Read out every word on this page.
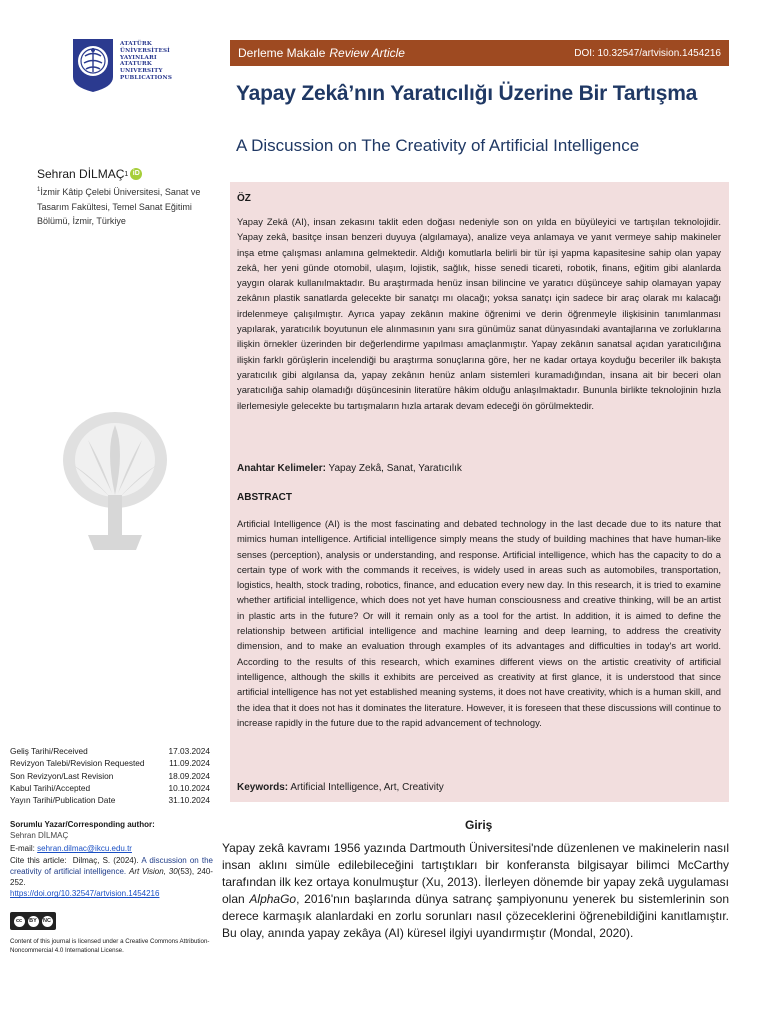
ATATÜRK
ÜNİVERSİTESİ
YAYINLARI
ATATURK
UNIVERSITY
PUBLICATIONS
Derleme Makale Review Article	DOI: 10.32547/artvision.1454216
Yapay Zekâ’nın Yaratıcılığı Üzerine Bir Tartışma
A Discussion on The Creativity of Artificial Intelligence
Sehran DİLMAÇ 1 iD
$^1$İzmir Kâtip Çelebi Üniversitesi, Sanat ve Tasarım Fakültesi, Temel Sanat Eğitimi Bölümü, İzmir, Türkiye
ÖZ
Yapay Zekâ (AI), insan zekasını taklit eden doğası nedeniyle son on yılda en büyüleyici ve tartışılan teknolojidir. Yapay zekâ, basitçe insan benzeri duyuya (algılamaya), analize veya anlamaya ve yanıt vermeye sahip makineler inşa etme çalışması anlamına gelmektedir. Aldığı komutlarla belirli bir tür işi yapma kapasitesine sahip olan yapay zekâ, her yeni günde otomobil, ulaşım, lojistik, sağlık, hisse senedi ticareti, robotik, finans, eğitim gibi alanlarda yaygın olarak kullanılmaktadır. Bu araştırmada henüz insan bilincine ve yaratıcı düşünceye sahip olamayan yapay zekânın plastik sanatlarda gelecekte bir sanatçı mı olacağı; yoksa sanatçı için sadece bir araç olarak mı kalacağı irdelenmeye çalışılmıştır. Ayrıca yapay zekânın makine öğrenimi ve derin öğrenmeyle ilişkisinin tanımlanması yapılarak, yaratıcılık boyutunun ele alınmasının yanı sıra günümüz sanat dünyasındaki avantajlarına ve zorluklarına ilişkin örnekler üzerinden bir değerlendirme yapılması amaçlanmıştır. Yapay zekânın sanatsal açıdan yaratıcılığına ilişkin farklı görüşlerin incelendiği bu araştırma sonuçlarına göre, her ne kadar ortaya koyduğu beceriler ilk bakışta yaratıcılık gibi algılansa da, yapay zekânın henüz anlam sistemleri kuramadığından, insana ait bir beceri olan yaratıcılığa sahip olamadığı düşüncesinin literatüre hâkim olduğu anlaşılmaktadır. Bununla birlikte teknolojinin hızla ilerlemesiyle gelecekte bu tartışmaların hızla artarak devam edeceği ön görülmektedir.
Anahtar Kelimeler: Yapay Zekâ, Sanat, Yaratıcılık
ABSTRACT
Artificial Intelligence (AI) is the most fascinating and debated technology in the last decade due to its nature that mimics human intelligence. Artificial intelligence simply means the study of building machines that have human-like senses (perception), analysis or understanding, and response. Artificial intelligence, which has the capacity to do a certain type of work with the commands it receives, is widely used in areas such as automobiles, transportation, logistics, health, stock trading, robotics, finance, and education every new day. In this research, it is tried to examine whether artificial intelligence, which does not yet have human consciousness and creative thinking, will be an artist in plastic arts in the future? Or will it remain only as a tool for the artist. In addition, it is aimed to define the relationship between artificial intelligence and machine learning and deep learning, to address the creativity dimension, and to make an evaluation through examples of its advantages and difficulties in today's art world. According to the results of this research, which examines different views on the artistic creativity of artificial intelligence, although the skills it exhibits are perceived as creativity at first glance, it is understood that since artificial intelligence has not yet established meaning systems, it does not have creativity, which is a human skill, and the idea that it does not has it dominates the literature. However, it is foreseen that these discussions will continue to increase rapidly in the future due to the rapid advancement of technology.
Keywords: Artificial Intelligence, Art, Creativity
Geliş Tarihi/Received	17.03.2024
Revizyon Talebi/Revision Requested	11.09.2024
Son Revizyon/Last Revision	18.09.2024
Kabul Tarihi/Accepted	10.10.2024
Yayın Tarihi/Publication Date	31.10.2024
Sorumlu Yazar/Corresponding author:
Sehran DİLMAÇ
E-mail: sehran.dilmac@ikcu.edu.tr
Cite this article: Dilmaç, S. (2024). A discussion on the creativity of artificial intelligence. Art Vision, 30(53), 240-252.
https://doi.org/10.32547/artvision.1454216
cc	BY	NC
Content of this journal is licensed under a Creative Commons Attribution-Noncommercial 4.0 International License.
Giriş
Yapay zekâ kavramı 1956 yazında Dartmouth Üniversitesi'nde düzenlenen ve makinelerin nasıl insan aklını simüle edilebileceğini tartıştıkları bir konferansta bilgisayar bilimci McCarthy tarafından ilk kez ortaya konulmuştur (Xu, 2013). İlerleyen dönemde bir yapay zekâ uygulaması olan AlphaGo, 2016'nın başlarında dünya satranç şampiyonunu yenerek bu sistemlerinin son derece karmaşık alanlardaki en zorlu sorunları nasıl çözeceklerini öğrenebildiğini kanıtlamıştır. Bu olay, anında yapay zekâya (AI) küresel ilgiyi uyandırmıştır (Mondal, 2020).
